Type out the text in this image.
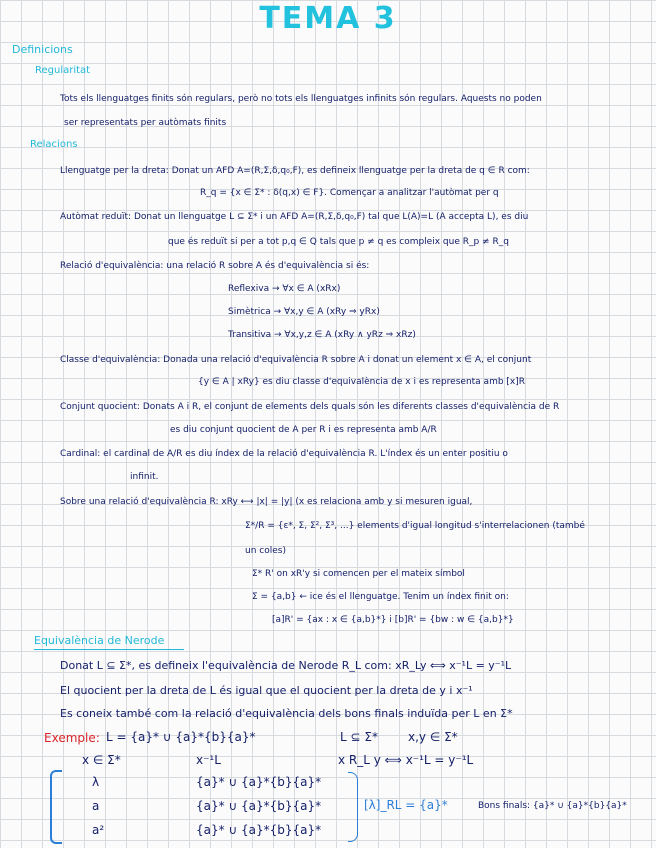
TEMA 3
Definicions
Regularitat
Tots els llenguatges finits són regulars, però no tots els llenguatges infinits són regulars. Aquests no poden
ser representats per autòmats finits
Relacions
Llenguatge per la dreta: Donat un AFD A=(R,Σ,δ,q₀,F), es defineix llenguatge per la dreta de q ∈ R com:
R_q = {x ∈ Σ* : δ(q,x) ∈ F}. Començar a analitzar l'autòmat per q
Autòmat reduït: Donat un llenguatge L ⊆ Σ* i un AFD A=(R,Σ,δ,q₀,F) tal que L(A)=L (A accepta L), es diu
que és reduït si per a tot p,q ∈ Q tals que p ≠ q es compleix que R_p ≠ R_q
Relació d'equivalència: una relació R sobre A és d'equivalència si és:
Reflexiva → ∀x ∈ A (xRx)
Simètrica → ∀x,y ∈ A (xRy ⇒ yRx)
Transitiva → ∀x,y,z ∈ A (xRy ∧ yRz ⇒ xRz)
Classe d'equivalència: Donada una relació d'equivalència R sobre A i donat un element x ∈ A, el conjunt
{y ∈ A | xRy} es diu classe d'equivalència de x i es representa amb [x]R
Conjunt quocient: Donats A i R, el conjunt de elements dels quals són les diferents classes d'equivalència de R
es diu conjunt quocient de A per R i es representa amb A/R
Cardinal: el cardinal de A/R es diu índex de la relació d'equivalència R. L'índex és un enter positiu o
infinit.
Sobre una relació d'equivalència R: xRy ⟷ |x| = |y| (x es relaciona amb y si mesuren igual,
Σ*/R = {ε*, Σ, Σ², Σ³, ...} elements d'igual longitud s'interrelacionen (també
un coles)
Σ* R' on xR'y si comencen per el mateix símbol
Σ = {a,b} ← ice és el llenguatge. Tenim un índex finit on:
[a]R' = {ax : x ∈ {a,b}*} i [b]R' = {bw : w ∈ {a,b}*}
Equivalència de Nerode
Donat L ⊆ Σ*, es defineix l'equivalència de Nerode R_L com: xR_Ly ⟺ x⁻¹L = y⁻¹L
El quocient per la dreta de L és igual que el quocient per la dreta de y i x⁻¹
Es coneix també com la relació d'equivalència dels bons finals induïda per L en Σ*
Exemple: L = {a}* ∪ {a}*{b}{a}*	L ⊆ Σ*	x,y ∈ Σ*
x ∈ Σ*	x⁻¹L	x R_L y ⟺ x⁻¹L = y⁻¹L
λ	{a}* ∪ {a}*{b}{a}*
a	{a}* ∪ {a}*{b}{a}*
a²	{a}* ∪ {a}*{b}{a}*
[λ]_RL = {a}*	Bons finals: {a}* ∪ {a}*{b}{a}*
